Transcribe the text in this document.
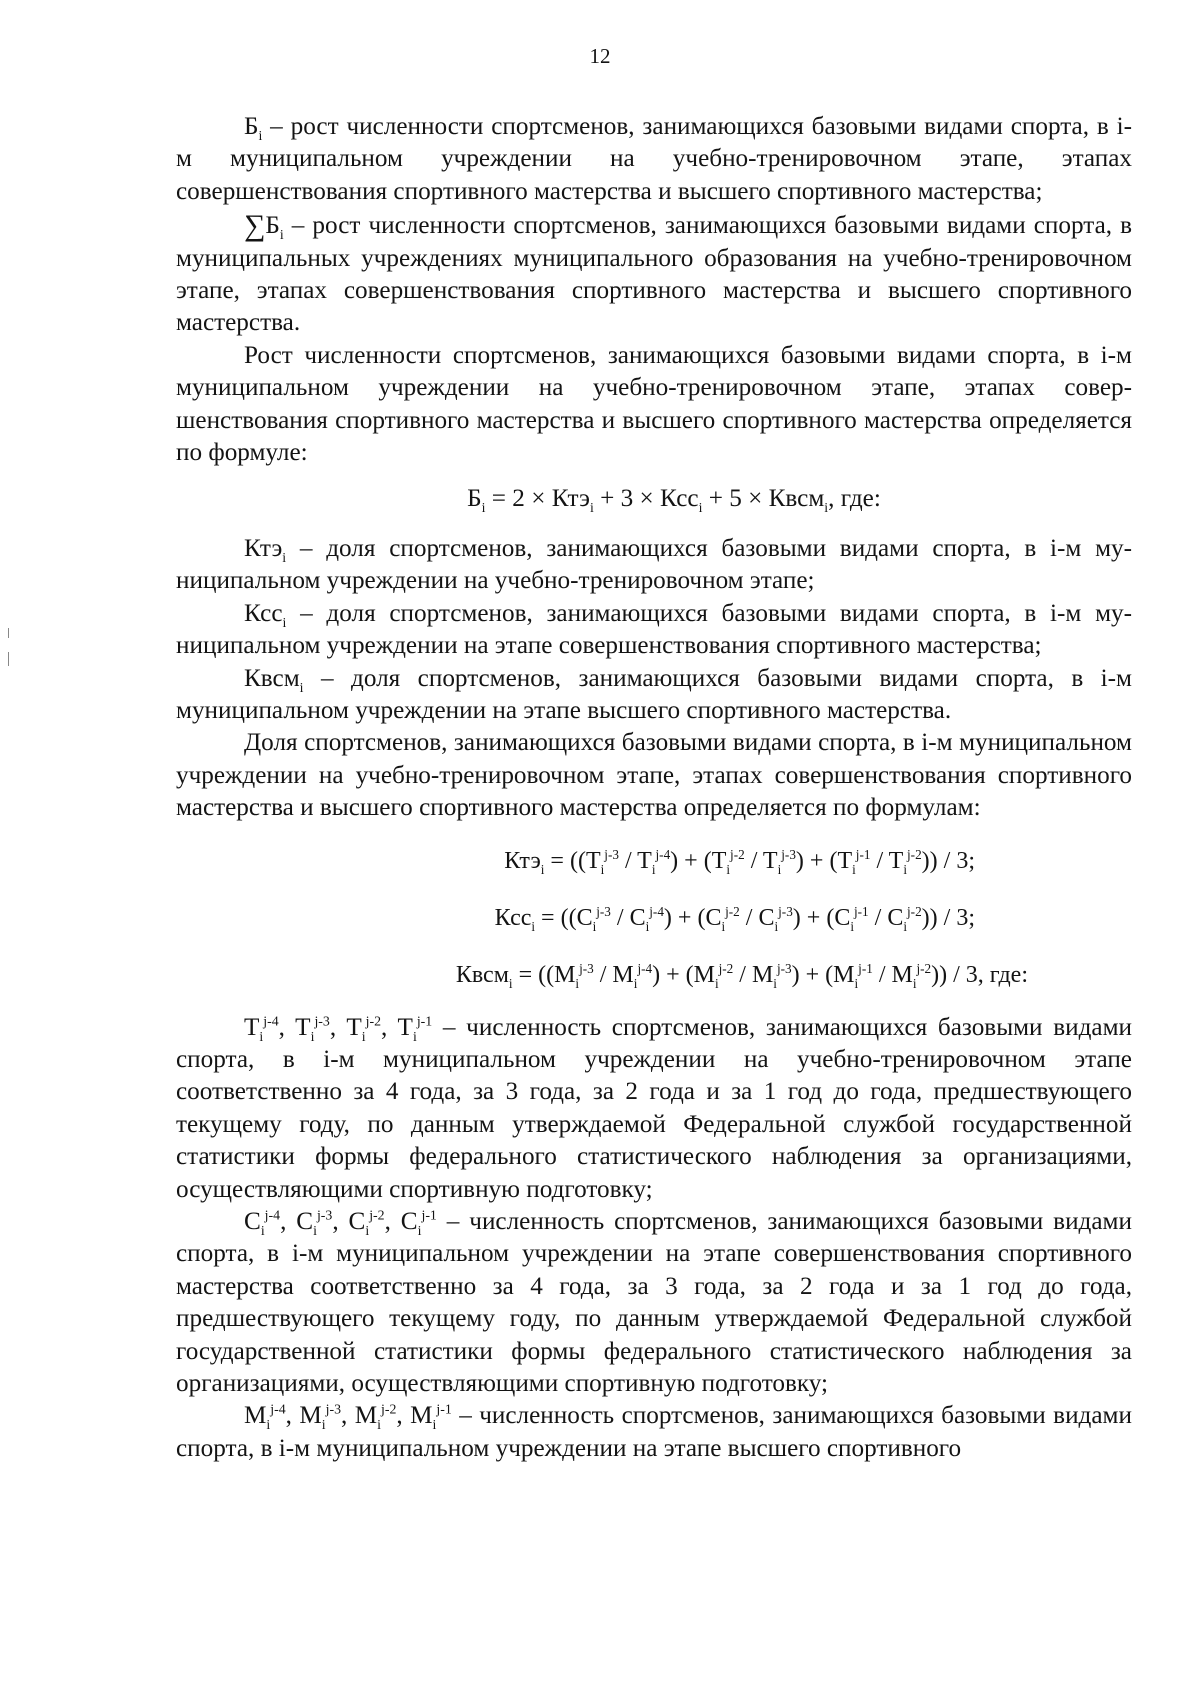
12

$Б_i$ – рост численности спортсменов, занимающихся базовыми видами спорта, в i-м муниципальном учреждении на учебно-тренировочном этапе, этапах совершенствования спортивного мастерства и высшего спортивного мастерства;

$\sum Б_i$ – рост численности спортсменов, занимающихся базовыми видами спорта, в муниципальных учреждениях муниципального образования на учебно-тренировочном этапе, этапах совершенствования спортивного мастерства и высшего спортивного мастерства.

Рост численности спортсменов, занимающихся базовыми видами спорта, в i-м муниципальном учреждении на учебно-тренировочном этапе, этапах совершенствования спортивного мастерства и высшего спортивного мастерства определяется по формуле:

$Б_i = 2 \times Ктэ_i + 3 \times Ксс_i + 5$ × Квсм$_i$, где:

Ктэ$_i$ – доля спортсменов, занимающихся базовыми видами спорта, в i-м муниципальном учреждении на учебно-тренировочном этапе;

Ксс$_i$ – доля спортсменов, занимающихся базовыми видами спорта, в i-м муниципальном учреждении на этапе совершенствования спортивного мастерства;

Квсм$_i$ – доля спортсменов, занимающихся базовыми видами спорта, в i-м муниципальном учреждении на этапе высшего спортивного мастерства.

Доля спортсменов, занимающихся базовыми видами спорта, в i-м муниципальном учреждении на учебно-тренировочном этапе, этапах совершенствования спортивного мастерства и высшего спортивного мастерства определяется по формулам:

$Ктэ_i = ((T_i^{j-3} / T_i^{j-4}) + (T_i^{j-2} / T_i^{j-3}) + (T_i^{j-1} / T_i^{j-2})) / 3$;

$Ксс_i = ((C_i^{j-3} / C_i^{j-4}) + (C_i^{j-2} / C_i^{j-3}) + (C_i^{j-1} / C_i^{j-2})) / 3$;

Квсм$_i$ = $((M_i^{j-3} / M_i^{j-4}) + (M_i^{j-2} / M_i^{j-3}) + (M_i^{j-1} / M_i^{j-2})) / 3$, где:

$T_i^{j-4}$, $T_i^{j-3}$, $T_i^{j-2}$, $T_i^{j-1}$ – численность спортсменов, занимающихся базовыми видами спорта, в i-м муниципальном учреждении на учебно-тренировочном этапе соответственно за 4 года, за 3 года, за 2 года и за 1 год до года, предшествующего текущему году, по данным утверждаемой Федеральной службой государственной статистики формы федерального статистического наблюдения за организациями, осуществляющими спортивную подготовку;

$C_i^{j-4}$, $C_i^{j-3}$, $C_i^{j-2}$, $C_i^{j-1}$ – численность спортсменов, занимающихся базовыми видами спорта, в i-м муниципальном учреждении на этапе совершенствования спортивного мастерства соответственно за 4 года, за 3 года, за 2 года и за 1 год до года, предшествующего текущему году, по данным утверждаемой Федеральной службой государственной статистики формы федерального статистического наблюдения за организациями, осуществляющими спортивную подготовку;

$M_i^{j-4}$, $M_i^{j-3}$, $M_i^{j-2}$, $M_i^{j-1}$ – численность спортсменов, занимающихся базовыми видами спорта, в i-м муниципальном учреждении на этапе высшего спортивного
